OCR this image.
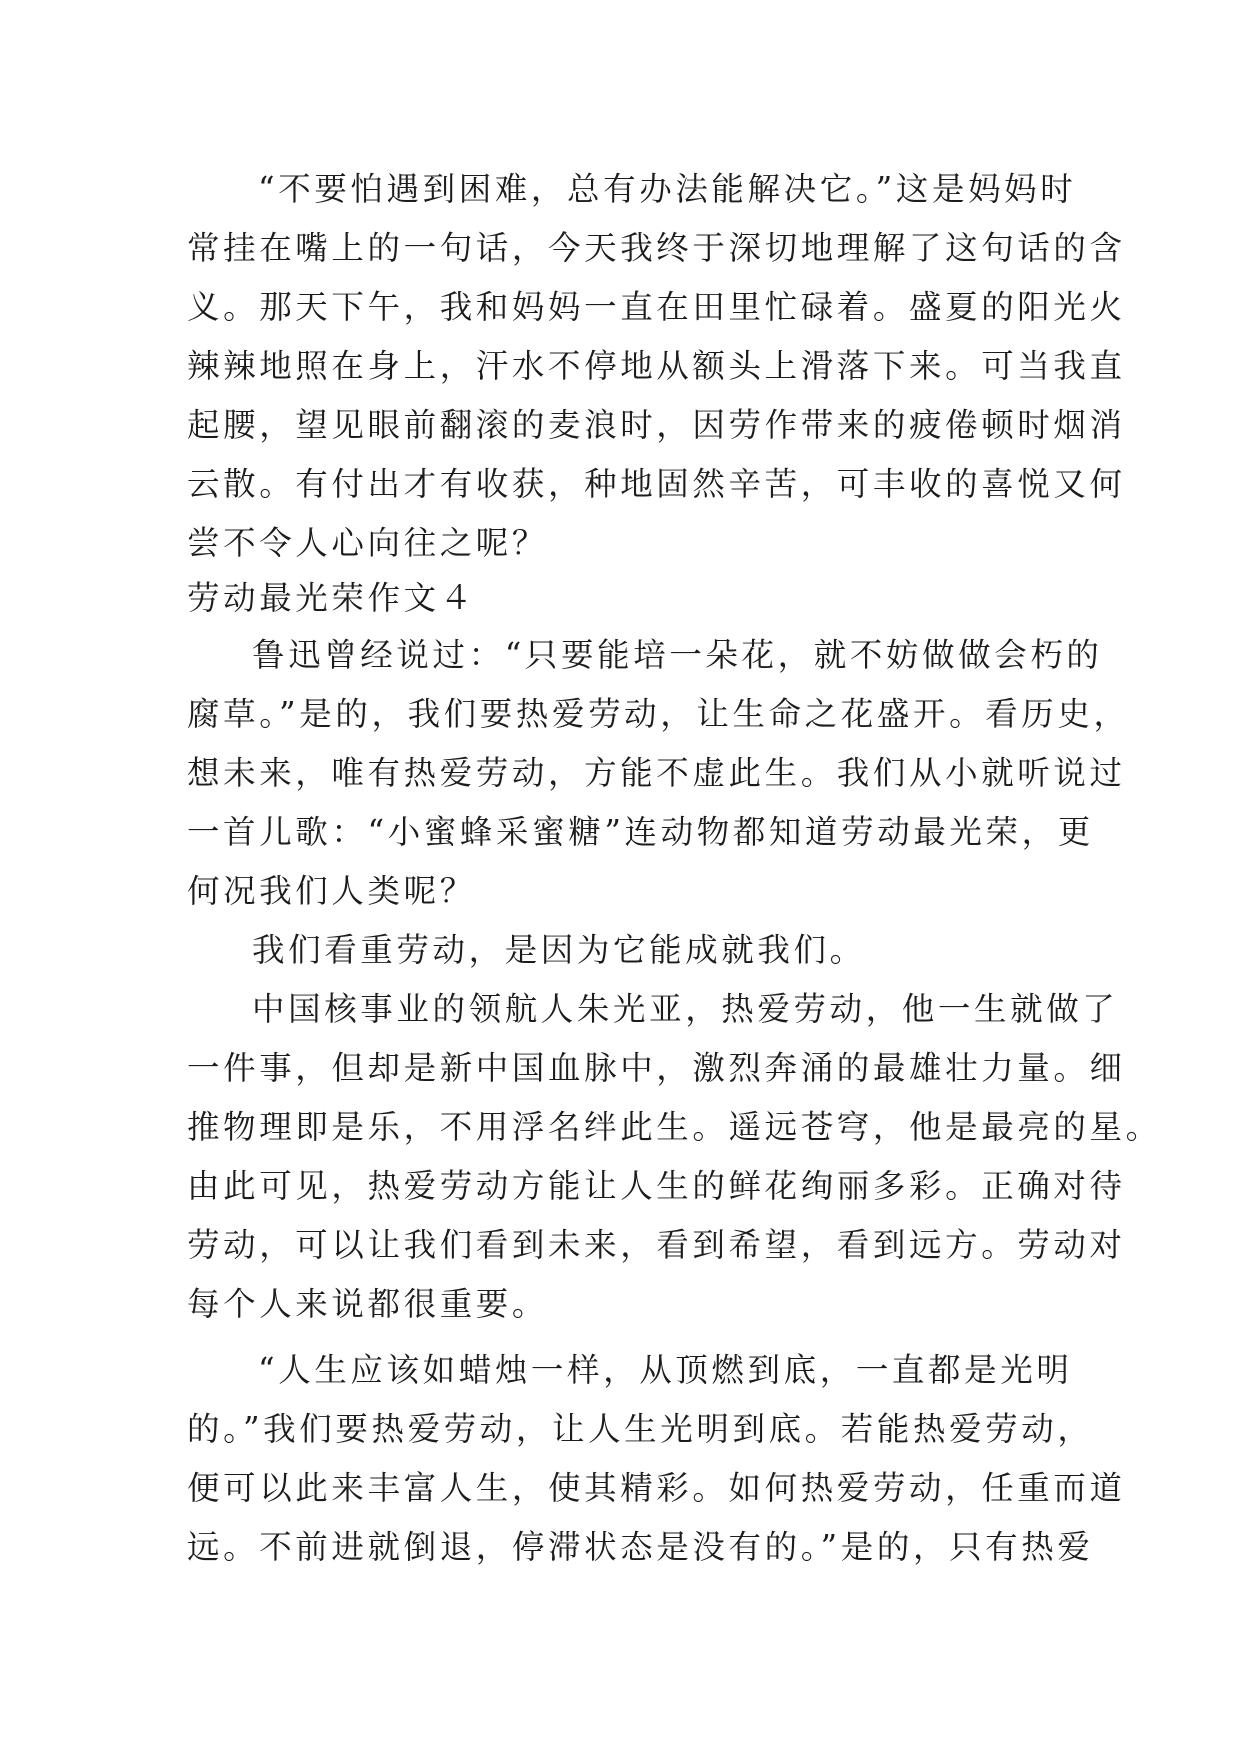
“不要怕遇到困难，总有办法能解决它。”这是妈妈时
常挂在嘴上的一句话，今天我终于深切地理解了这句话的含
义。那天下午，我和妈妈一直在田里忙碌着。盛夏的阳光火
辣辣地照在身上，汗水不停地从额头上滑落下来。可当我直
起腰，望见眼前翻滚的麦浪时，因劳作带来的疲倦顿时烟消
云散。有付出才有收获，种地固然辛苦，可丰收的喜悦又何
尝不令人心向往之呢？
劳动最光荣作文４
鲁迅曾经说过：“只要能培一朵花，就不妨做做会朽的
腐草。”是的，我们要热爱劳动，让生命之花盛开。看历史，
想未来，唯有热爱劳动，方能不虚此生。我们从小就听说过
一首儿歌：“小蜜蜂采蜜糖”连动物都知道劳动最光荣，更
何况我们人类呢？
我们看重劳动，是因为它能成就我们。
中国核事业的领航人朱光亚，热爱劳动，他一生就做了
一件事，但却是新中国血脉中，激烈奔涌的最雄壮力量。细
推物理即是乐，不用浮名绊此生。遥远苍穹，他是最亮的星。
由此可见，热爱劳动方能让人生的鲜花绚丽多彩。正确对待
劳动，可以让我们看到未来，看到希望，看到远方。劳动对
每个人来说都很重要。
“人生应该如蜡烛一样，从顶燃到底，一直都是光明
的。”我们要热爱劳动，让人生光明到底。若能热爱劳动，
便可以此来丰富人生，使其精彩。如何热爱劳动，任重而道
远。不前进就倒退，停滞状态是没有的。”是的，只有热爱
